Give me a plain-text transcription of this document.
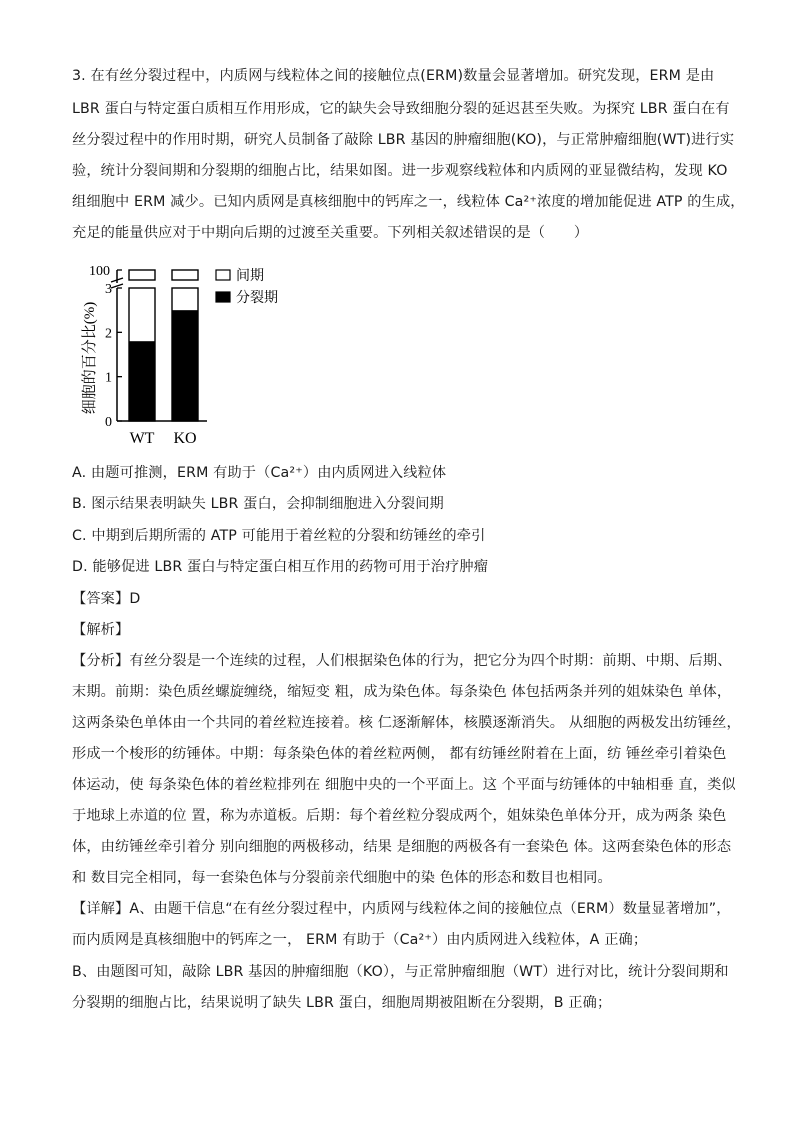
3. 在有丝分裂过程中，内质网与线粒体之间的接触位点(ERM)数量会显著增加。研究发现，ERM 是由
LBR 蛋白与特定蛋白质相互作用形成，它的缺失会导致细胞分裂的延迟甚至失败。为探究 LBR 蛋白在有
丝分裂过程中的作用时期，研究人员制备了敲除 LBR 基因的肿瘤细胞(KO)，与正常肿瘤细胞(WT)进行实
验，统计分裂间期和分裂期的细胞占比，结果如图。进一步观察线粒体和内质网的亚显微结构，发现 KO
组细胞中 ERM 减少。已知内质网是真核细胞中的钙库之一，线粒体 Ca²⁺浓度的增加能促进 ATP 的生成，
充足的能量供应对于中期向后期的过渡至关重要。下列相关叙述错误的是（　　）
细胞的百分比(%)
0
1
2
3
100
WT KO
间期
分裂期
A. 由题可推测，ERM 有助于（Ca²⁺）由内质网进入线粒体
B. 图示结果表明缺失 LBR 蛋白，会抑制细胞进入分裂间期
C. 中期到后期所需的 ATP 可能用于着丝粒的分裂和纺锤丝的牵引
D. 能够促进 LBR 蛋白与特定蛋白相互作用的药物可用于治疗肿瘤
【答案】D
【解析】
【分析】有丝分裂是一个连续的过程，人们根据染色体的行为，把它分为四个时期：前期、中期、后期、
末期。前期：染色质丝螺旋缠绕，缩短变 粗，成为染色体。每条染色 体包括两条并列的姐妹染色 单体，
这两条染色单体由一个共同的着丝粒连接着。核 仁逐渐解体，核膜逐渐消失。 从细胞的两极发出纺锤丝，
形成一个梭形的纺锤体。中期：每条染色体的着丝粒两侧， 都有纺锤丝附着在上面，纺 锤丝牵引着染色
体运动，使 每条染色体的着丝粒排列在 细胞中央的一个平面上。这 个平面与纺锤体的中轴相垂 直，类似
于地球上赤道的位 置，称为赤道板。后期：每个着丝粒分裂成两个，姐妹染色单体分开，成为两条 染色
体，由纺锤丝牵引着分 别向细胞的两极移动，结果 是细胞的两极各有一套染色 体。这两套染色体的形态
和 数目完全相同，每一套染色体与分裂前亲代细胞中的染 色体的形态和数目也相同。
【详解】A、由题干信息“在有丝分裂过程中，内质网与线粒体之间的接触位点（ERM）数量显著增加”，
而内质网是真核细胞中的钙库之一， ERM 有助于（Ca²⁺）由内质网进入线粒体，A 正确；
B、由题图可知，敲除 LBR 基因的肿瘤细胞（KO），与正常肿瘤细胞（WT）进行对比，统计分裂间期和
分裂期的细胞占比，结果说明了缺失 LBR 蛋白，细胞周期被阻断在分裂期，B 正确；
